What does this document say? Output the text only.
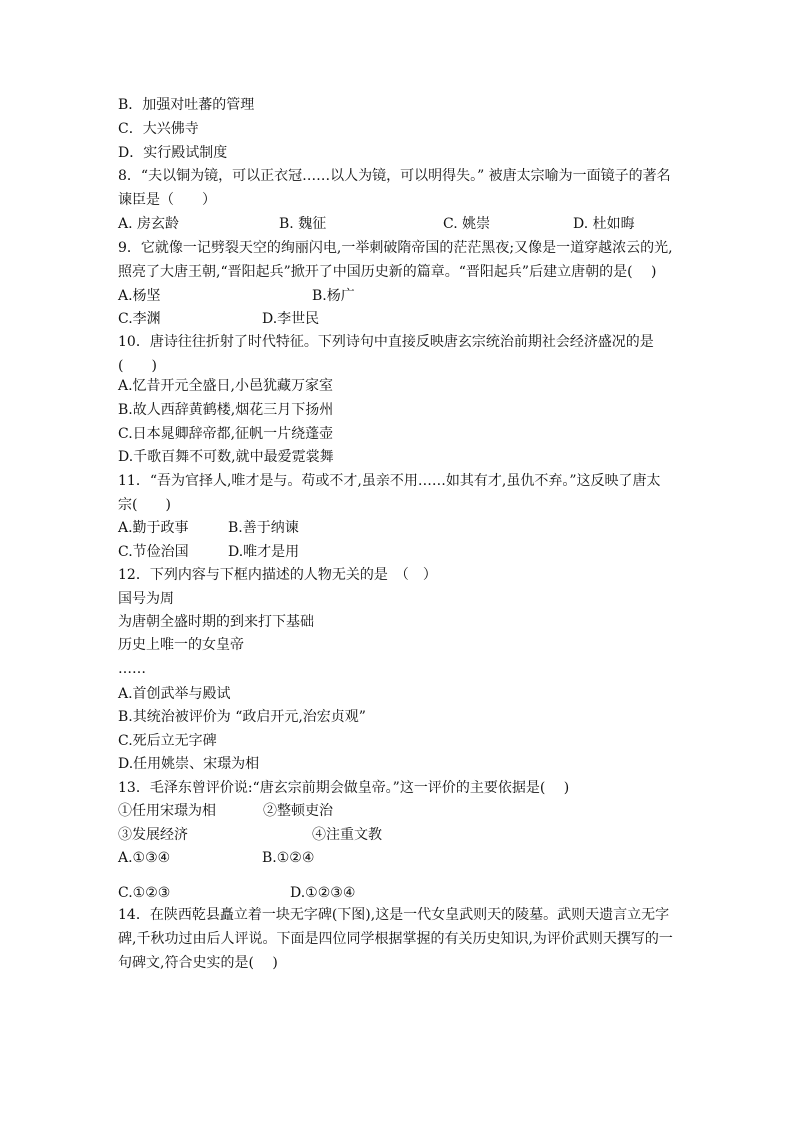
B．加强对吐蕃的管理
C．大兴佛寺
D．实行殿试制度
8．“夫以铜为镜，可以正衣冠……以人为镜，可以明得失。” 被唐太宗喻为一面镜子的著名
谏臣是（　　）
A. 房玄龄	B. 魏征	C. 姚崇	D. 杜如晦
9．它就像一记劈裂天空的绚丽闪电,一举刺破隋帝国的茫茫黑夜;又像是一道穿越浓云的光,
照亮了大唐王朝,“晋阳起兵”掀开了中国历史新的篇章。“晋阳起兵”后建立唐朝的是(　 )
A.杨坚	B.杨广
C.李渊	D.李世民
10．唐诗往往折射了时代特征。下列诗句中直接反映唐玄宗统治前期社会经济盛况的是
(　　)
A.忆昔开元全盛日,小邑犹藏万家室
B.故人西辞黄鹤楼,烟花三月下扬州
C.日本晁卿辞帝都,征帆一片绕蓬壶
D.千歌百舞不可数,就中最爱霓裳舞
11．“吾为官择人,唯才是与。苟或不才,虽亲不用……如其有才,虽仇不弃。”这反映了唐太
宗(　　)
A.勤于政事	B.善于纳谏
C.节俭治国	D.唯才是用
12．下列内容与下框内描述的人物无关的是　（　）
国号为周
为唐朝全盛时期的到来打下基础
历史上唯一的女皇帝
……
A.首创武举与殿试
B.其统治被评价为 “政启开元,治宏贞观”
C.死后立无字碑
D.任用姚崇、宋璟为相
13．毛泽东曾评价说:“唐玄宗前期会做皇帝。”这一评价的主要依据是(　 )
①任用宋璟为相	②整顿吏治
③发展经济	④注重文教
A.①③④	B.①②④
C.①②③	D.①②③④
14．在陕西乾县矗立着一块无字碑(下图),这是一代女皇武则天的陵墓。武则天遗言立无字
碑,千秋功过由后人评说。下面是四位同学根据掌握的有关历史知识,为评价武则天撰写的一
句碑文,符合史实的是(　 )
